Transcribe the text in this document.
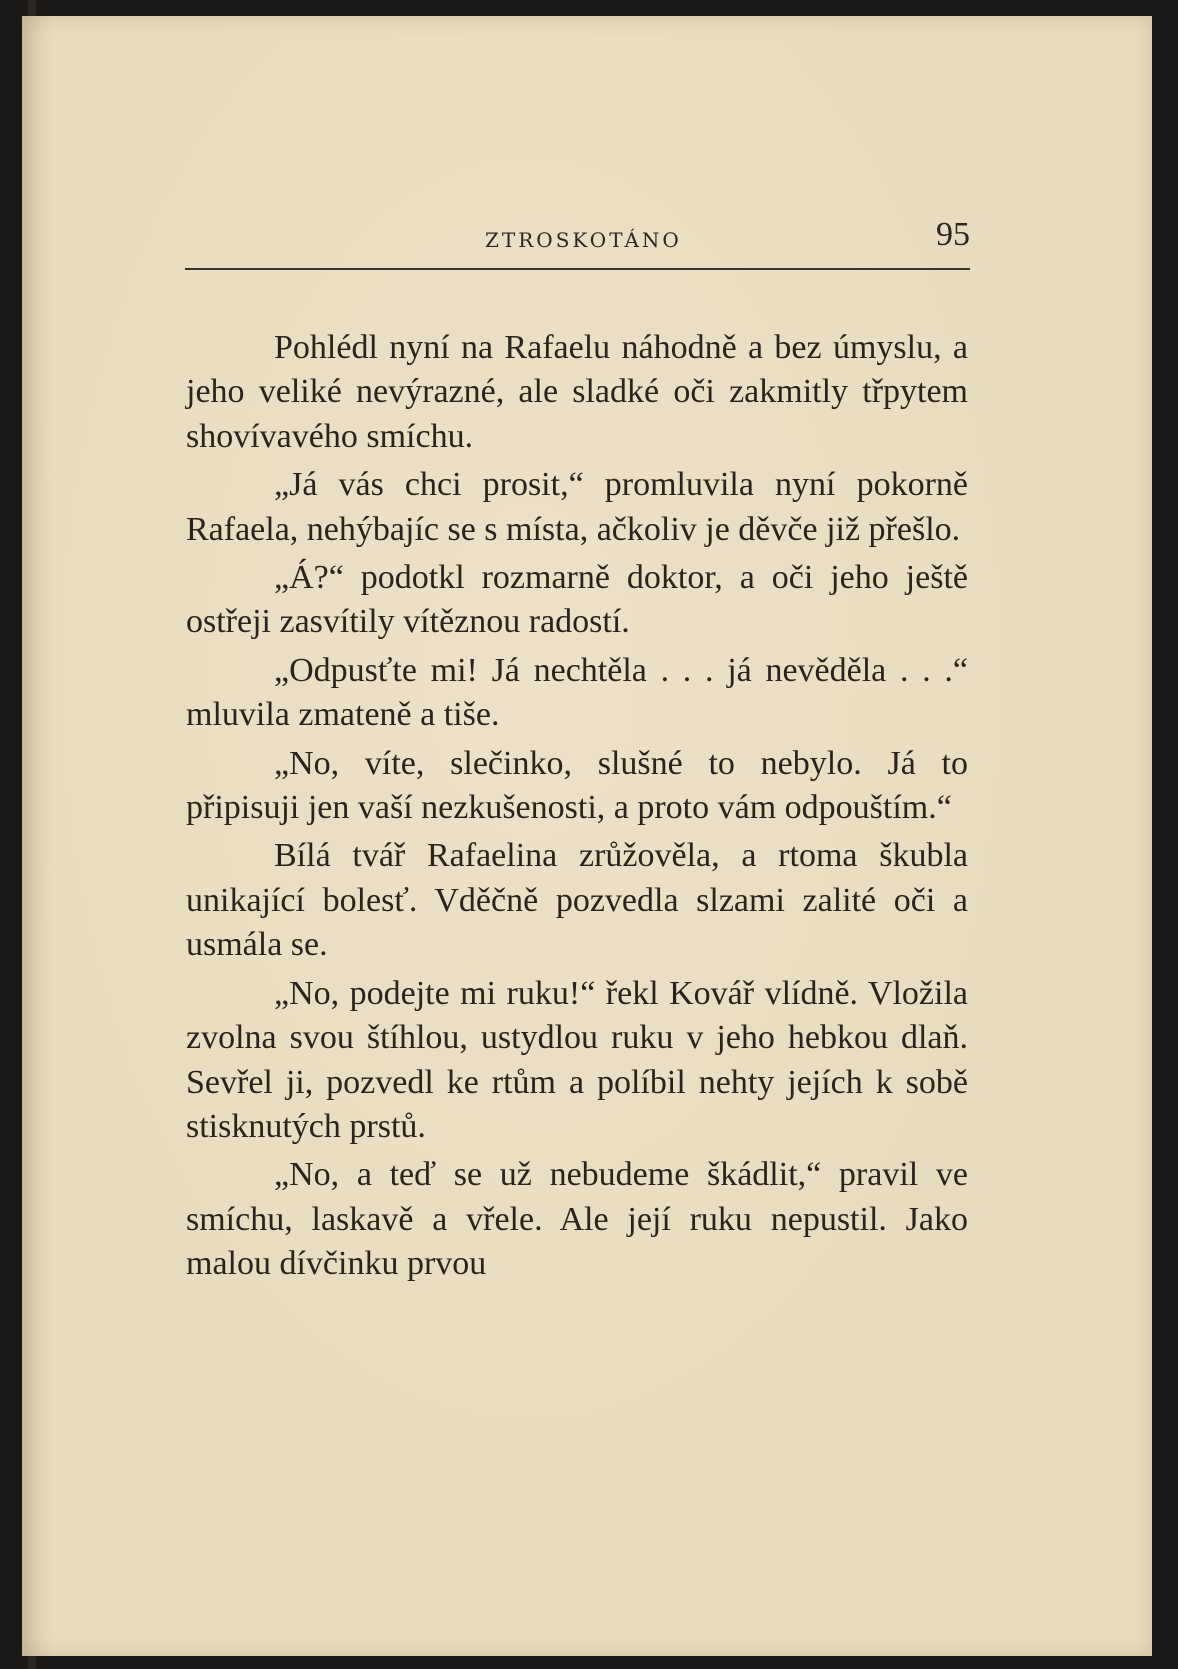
ZTROSKOTÁNO	95

Pohlédl nyní na Rafaelu náhodně a bez úmyslu, a jeho veliké nevýrazné, ale sladké oči zakmitly třpytem shovívavého smíchu.

„Já vás chci prosit,“ promluvila nyní pokorně Rafaela, nehýbajíc se s místa, ačkoliv je děvče již přešlo.

„Á?“ podotkl rozmarně doktor, a oči jeho ještě ostřeji zasvítily vítěznou radostí.

„Odpusťte mi! Já nechtěla . . . já nevěděla . . .“ mluvila zmateně a tiše.

„No, víte, slečinko, slušné to nebylo. Já to připisuji jen vaší nezkušenosti, a proto vám odpouštím.“

Bílá tvář Rafaelina zrůžověla, a rtoma škubla unikající bolesť. Vděčně pozvedla slzami zalité oči a usmála se.

„No, podejte mi ruku!“ řekl Kovář vlídně. Vložila zvolna svou štíhlou, ustydlou ruku v jeho hebkou dlaň. Sevřel ji, pozvedl ke rtům a políbil nehty jejích k sobě stisknutých prstů.

„No, a teď se už nebudeme škádlit,“ pravil ve smíchu, laskavě a vřele. Ale její ruku nepustil. Jako malou dívčinku prvou
